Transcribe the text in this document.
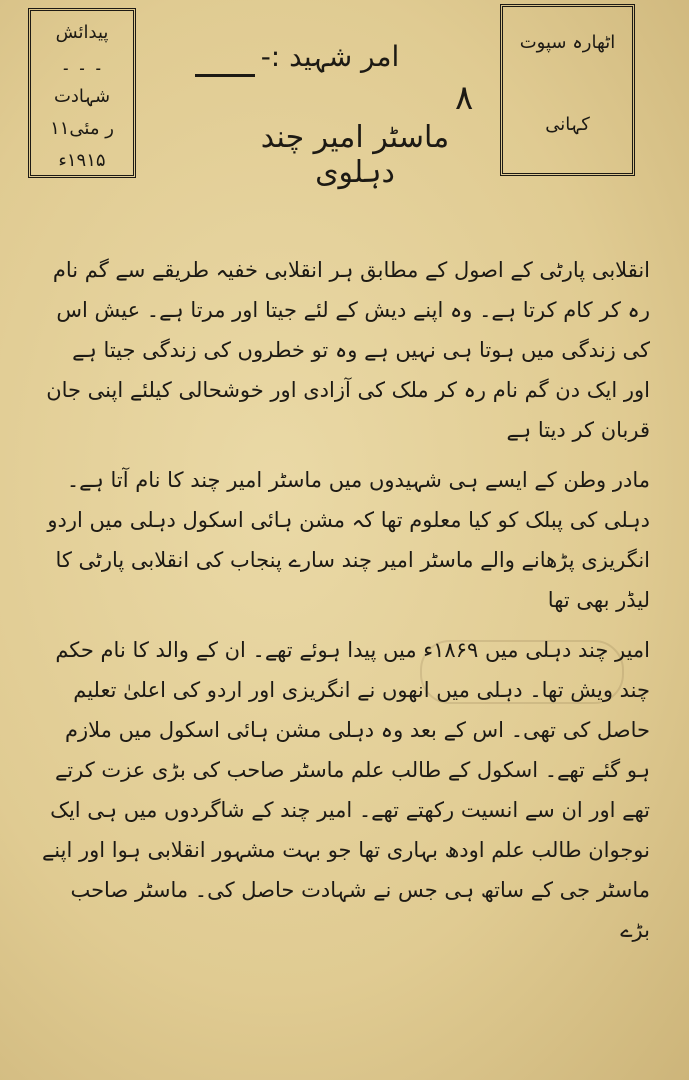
پیدائش
۔ ۔ ۔
شہادت
۱۱ر مئی ۱۹۱۵ء
اٹھارہ سپوت
کہانی
امر شہید :-
۸
ماسٹر امیر چند دہلوی

انقلابی پارٹی کے اصول کے مطابق ہر انقلابی خفیہ طریقے سے گم نام رہ کر کام کرتا ہے۔ وہ اپنے دیش کے لئے جیتا اور مرتا ہے۔ عیش اس کی زندگی میں ہوتا ہی نہیں ہے وہ تو خطروں کی زندگی جیتا ہے اور ایک دن گم نام رہ کر ملک کی آزادی اور خوشحالی کیلئے اپنی جان قربان کر دیتا ہے

مادر وطن کے ایسے ہی شہیدوں میں ماسٹر امیر چند کا نام آتا ہے۔ دہلی کی پبلک کو کیا معلوم تھا کہ مشن ہائی اسکول دہلی میں اردو انگریزی پڑھانے والے ماسٹر امیر چند سارے پنجاب کی انقلابی پارٹی کا لیڈر بھی تھا

امیر چند دہلی میں ۱۸۶۹ء میں پیدا ہوئے تھے۔ ان کے والد کا نام حکم چند ویش تھا۔ دہلی میں انھوں نے انگریزی اور اردو کی اعلیٰ تعلیم حاصل کی تھی۔ اس کے بعد وہ دہلی مشن ہائی اسکول میں ملازم ہو گئے تھے۔ اسکول کے طالب علم ماسٹر صاحب کی بڑی عزت کرتے تھے اور ان سے انسیت رکھتے تھے۔ امیر چند کے شاگردوں میں ہی ایک نوجوان طالب علم اودھ بہاری تھا جو بہت مشہور انقلابی ہوا اور اپنے ماسٹر جی کے ساتھ ہی جس نے شہادت حاصل کی۔ ماسٹر صاحب بڑے
